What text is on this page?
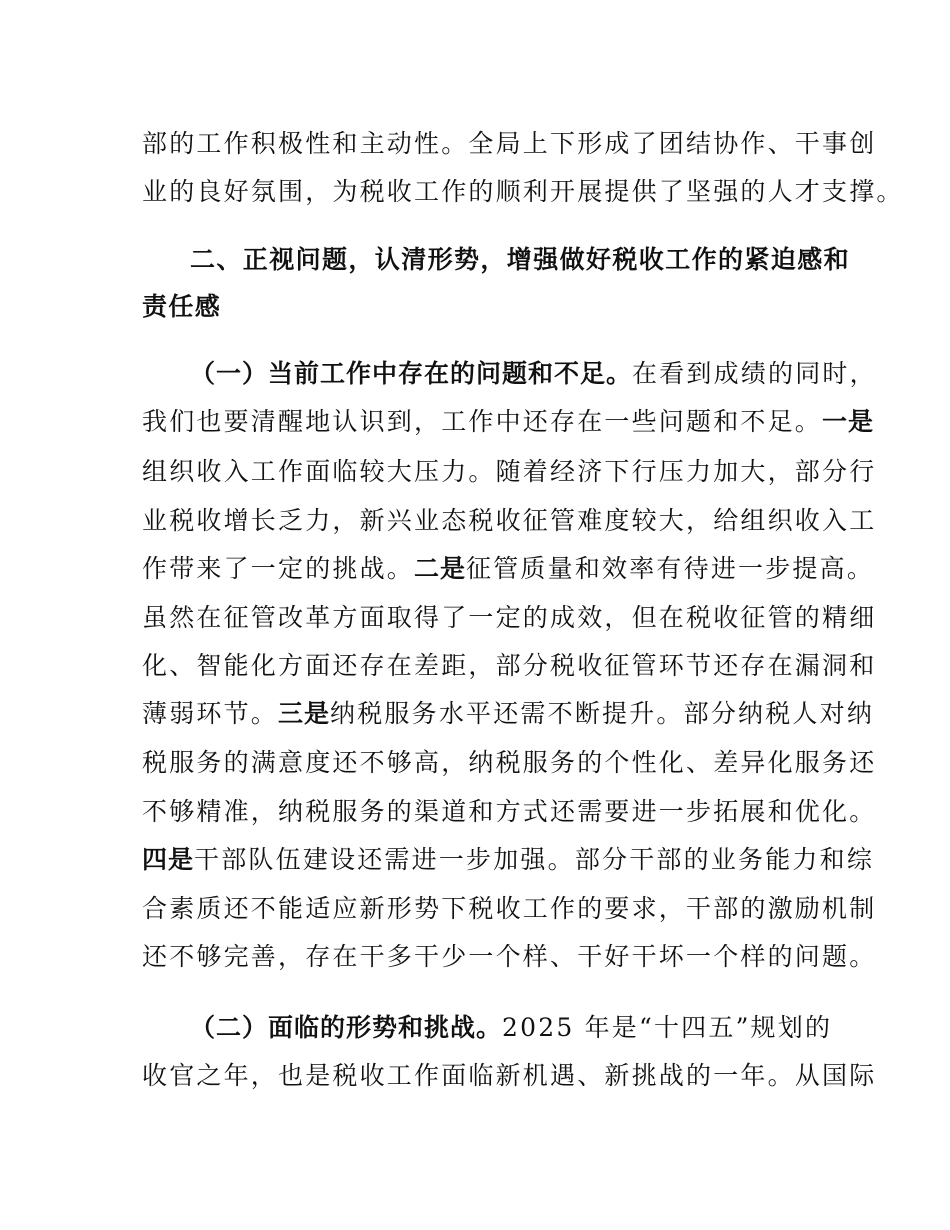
部的工作积极性和主动性。全局上下形成了团结协作、干事创
业的良好氛围，为税收工作的顺利开展提供了坚强的人才支撑。
二、正视问题，认清形势，增强做好税收工作的紧迫感和
责任感
（一）当前工作中存在的问题和不足。在看到成绩的同时，
我们也要清醒地认识到，工作中还存在一些问题和不足。一是
组织收入工作面临较大压力。随着经济下行压力加大，部分行
业税收增长乏力，新兴业态税收征管难度较大，给组织收入工
作带来了一定的挑战。二是征管质量和效率有待进一步提高。
虽然在征管改革方面取得了一定的成效，但在税收征管的精细
化、智能化方面还存在差距，部分税收征管环节还存在漏洞和
薄弱环节。三是纳税服务水平还需不断提升。部分纳税人对纳
税服务的满意度还不够高，纳税服务的个性化、差异化服务还
不够精准，纳税服务的渠道和方式还需要进一步拓展和优化。
四是干部队伍建设还需进一步加强。部分干部的业务能力和综
合素质还不能适应新形势下税收工作的要求，干部的激励机制
还不够完善，存在干多干少一个样、干好干坏一个样的问题。
（二）面临的形势和挑战。2025 年是“十四五”规划的
收官之年，也是税收工作面临新机遇、新挑战的一年。从国际
